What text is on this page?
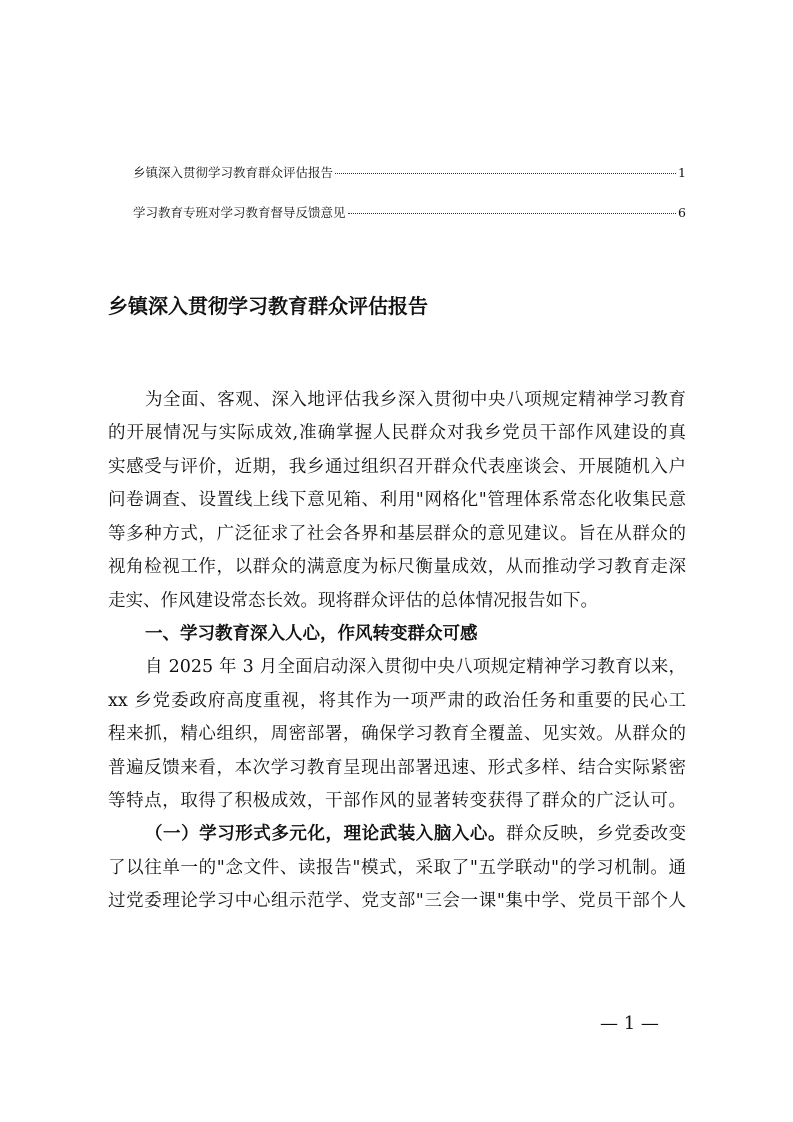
乡镇深入贯彻学习教育群众评估报告	1
学习教育专班对学习教育督导反馈意见	6
乡镇深入贯彻学习教育群众评估报告
为全面、客观、深入地评估我乡深入贯彻中央八项规定精神学习教育
的开展情况与实际成效,准确掌握人民群众对我乡党员干部作风建设的真
实感受与评价，近期，我乡通过组织召开群众代表座谈会、开展随机入户
问卷调查、设置线上线下意见箱、利用"网格化"管理体系常态化收集民意
等多种方式，广泛征求了社会各界和基层群众的意见建议。旨在从群众的
视角检视工作，以群众的满意度为标尺衡量成效，从而推动学习教育走深
走实、作风建设常态长效。现将群众评估的总体情况报告如下。
一、学习教育深入人心，作风转变群众可感
自 2025 年 3 月全面启动深入贯彻中央八项规定精神学习教育以来，
xx 乡党委政府高度重视，将其作为一项严肃的政治任务和重要的民心工
程来抓，精心组织，周密部署，确保学习教育全覆盖、见实效。从群众的
普遍反馈来看，本次学习教育呈现出部署迅速、形式多样、结合实际紧密
等特点，取得了积极成效，干部作风的显著转变获得了群众的广泛认可。
（一）学习形式多元化，理论武装入脑入心。群众反映，乡党委改变
了以往单一的"念文件、读报告"模式，采取了"五学联动"的学习机制。通
过党委理论学习中心组示范学、党支部"三会一课"集中学、党员干部个人
— 1 —
